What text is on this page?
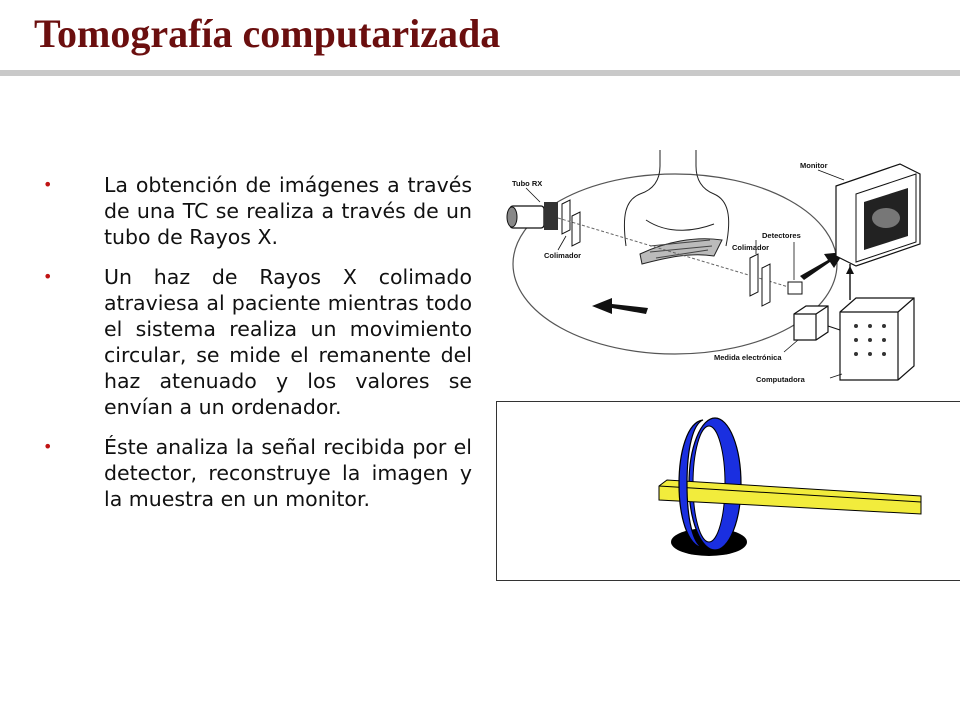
Tomografía computarizada
•	La obtención de imágenes a través de una TC se realiza a través de un tubo de Rayos X.
•	Un haz de Rayos X colimado atraviesa al paciente mientras todo el sistema realiza un movimiento circular, se mide el remanente del haz atenuado y los valores se envían a un ordenador.
•	Éste analiza la señal recibida por el detector, reconstruye la imagen y la muestra en un monitor.
Tubo RX
Colimador
Colimador
Detectores
Monitor
Medida electrónica
Computadora
